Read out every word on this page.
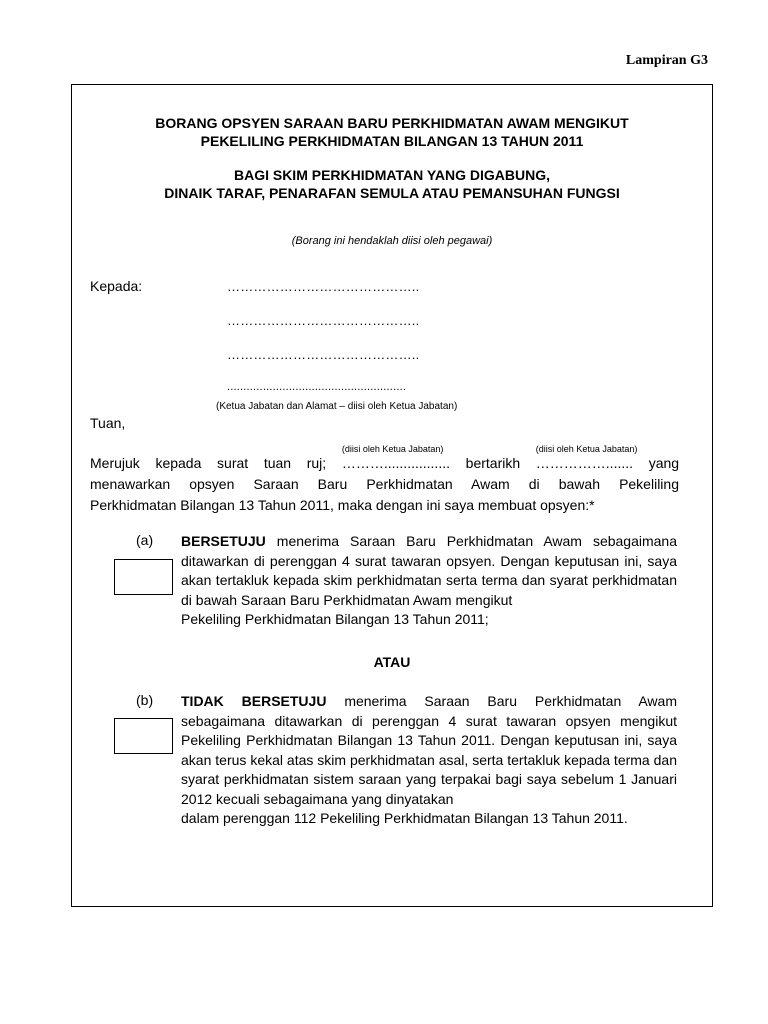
Lampiran G3
BORANG OPSYEN SARAAN BARU PERKHIDMATAN AWAM MENGIKUT
PEKELILING PERKHIDMATAN BILANGAN 13 TAHUN 2011
BAGI SKIM PERKHIDMATAN YANG DIGABUNG,
DINAIK TARAF, PENARAFAN SEMULA ATAU PEMANSUHAN FUNGSI
(Borang ini hendaklah diisi oleh pegawai)
Kepada:	……………………………………..
……………………………………..
……………………………………..
.......................................................
(Ketua Jabatan dan Alamat – diisi oleh Ketua Jabatan)
Tuan,
Merujuk kepada surat tuan ruj;
(diisi oleh Ketua Jabatan)
………................. bertarikh
(diisi oleh Ketua Jabatan)
……………....... yang
menawarkan opsyen Saraan Baru Perkhidmatan Awam di bawah Pekeliling
Perkhidmatan Bilangan 13 Tahun 2011, maka dengan ini saya membuat opsyen:*
(a) BERSETUJU menerima Saraan Baru Perkhidmatan Awam sebagaimana
ditawarkan di perenggan 4 surat tawaran opsyen. Dengan keputusan ini, saya akan tertakluk kepada skim perkhidmatan serta terma dan syarat perkhidmatan di bawah Saraan Baru Perkhidmatan Awam mengikut
Pekeliling Perkhidmatan Bilangan 13 Tahun 2011;
ATAU
(b) TIDAK BERSETUJU menerima Saraan Baru Perkhidmatan Awam
sebagaimana ditawarkan di perenggan 4 surat tawaran opsyen mengikut Pekeliling Perkhidmatan Bilangan 13 Tahun 2011. Dengan keputusan ini, saya akan terus kekal atas skim perkhidmatan asal, serta tertakluk kepada terma dan syarat perkhidmatan sistem saraan yang terpakai bagi saya sebelum 1 Januari 2012 kecuali sebagaimana yang dinyatakan
dalam perenggan 112 Pekeliling Perkhidmatan Bilangan 13 Tahun 2011.
